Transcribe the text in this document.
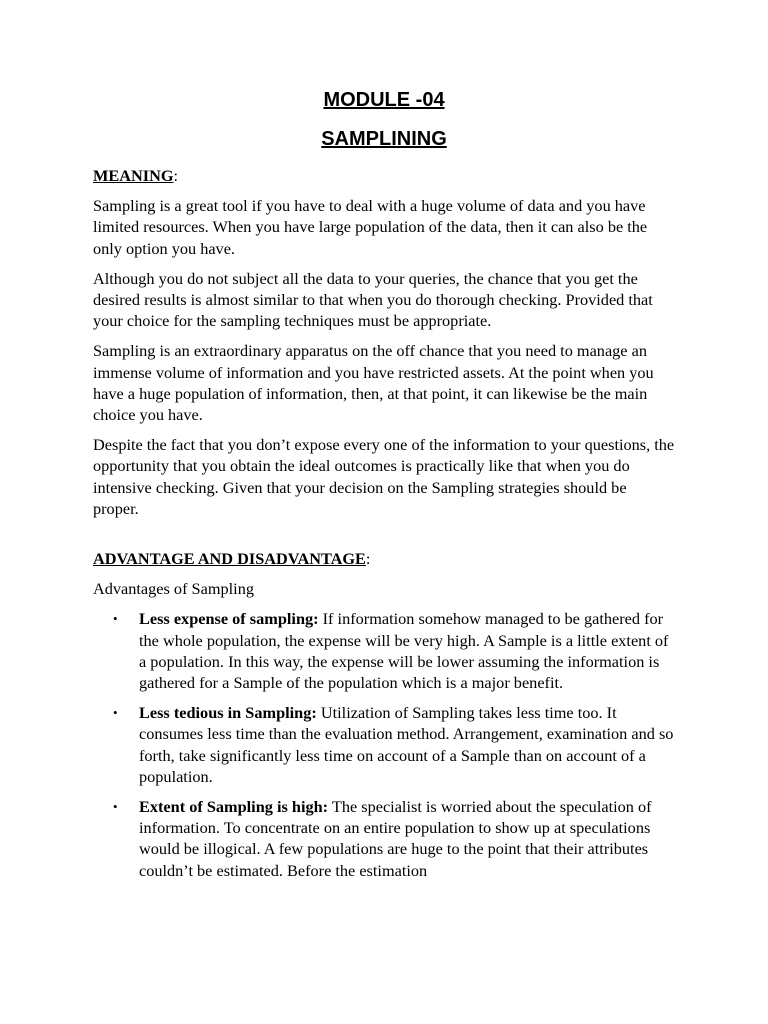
MODULE -04
SAMPLINING
MEANING:

Sampling is a great tool if you have to deal with a huge volume of data and you have limited resources. When you have large population of the data, then it can also be the only option you have.

Although you do not subject all the data to your queries, the chance that you get the desired results is almost similar to that when you do thorough checking. Provided that your choice for the sampling techniques must be appropriate.

Sampling is an extraordinary apparatus on the off chance that you need to manage an immense volume of information and you have restricted assets. At the point when you have a huge population of information, then, at that point, it can likewise be the main choice you have.

Despite the fact that you don’t expose every one of the information to your questions, the opportunity that you obtain the ideal outcomes is practically like that when you do intensive checking. Given that your decision on the Sampling strategies should be proper.

ADVANTAGE AND DISADVANTAGE:

Advantages of Sampling

• Less expense of sampling: If information somehow managed to be gathered for the whole population, the expense will be very high. A Sample is a little extent of a population. In this way, the expense will be lower assuming the information is gathered for a Sample of the population which is a major benefit.
• Less tedious in Sampling: Utilization of Sampling takes less time too. It consumes less time than the evaluation method. Arrangement, examination and so forth, take significantly less time on account of a Sample than on account of a population.
• Extent of Sampling is high: The specialist is worried about the speculation of information. To concentrate on an entire population to show up at speculations would be illogical. A few populations are huge to the point that their attributes couldn’t be estimated. Before the estimation
